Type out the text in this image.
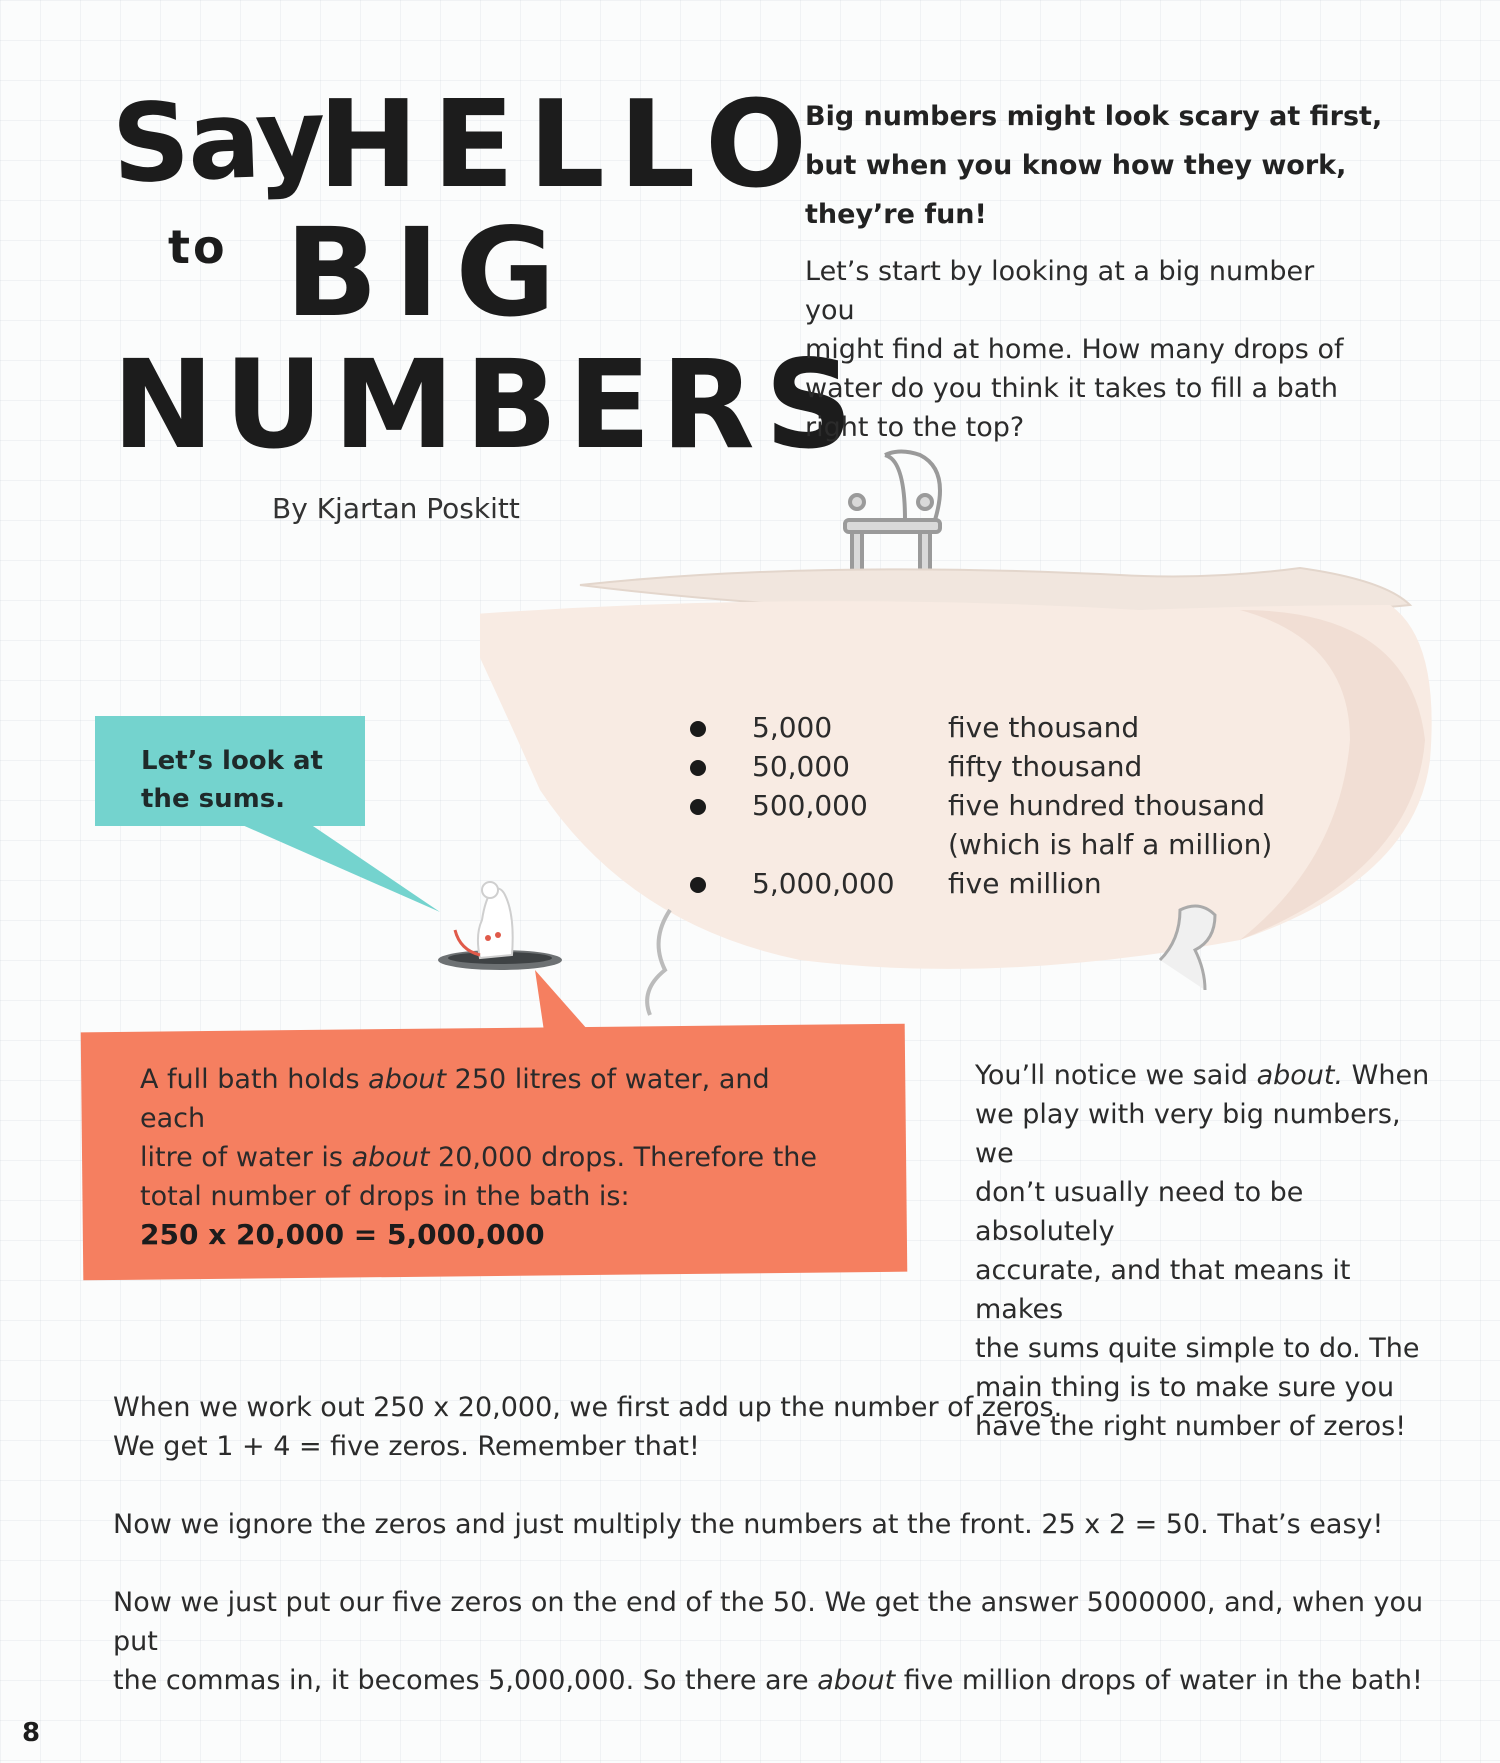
Say
HELLO
to BIG
NUMBERS
By Kjartan Poskitt
Big numbers might look scary at first,
but when you know how they work,
they’re fun!
Let’s start by looking at a big number you
might find at home. How many drops of
water do you think it takes to fill a bath
right to the top?
Let’s look at
the sums.
5,000	five thousand
50,000	fifty thousand
500,000	five hundred thousand
(which is half a million)
5,000,000	five million
A full bath holds about 250 litres of water, and each
litre of water is about 20,000 drops. Therefore the
total number of drops in the bath is:
250 x 20,000 = 5,000,000
You’ll notice we said about. When
we play with very big numbers, we
don’t usually need to be absolutely
accurate, and that means it makes
the sums quite simple to do. The
main thing is to make sure you
have the right number of zeros!
When we work out 250 x 20,000, we first add up the number of zeros.
We get 1 + 4 = five zeros. Remember that!
Now we ignore the zeros and just multiply the numbers at the front. 25 x 2 = 50. That’s easy!
Now we just put our five zeros on the end of the 50. We get the answer 5000000, and, when you put
the commas in, it becomes 5,000,000. So there are about five million drops of water in the bath!
8
